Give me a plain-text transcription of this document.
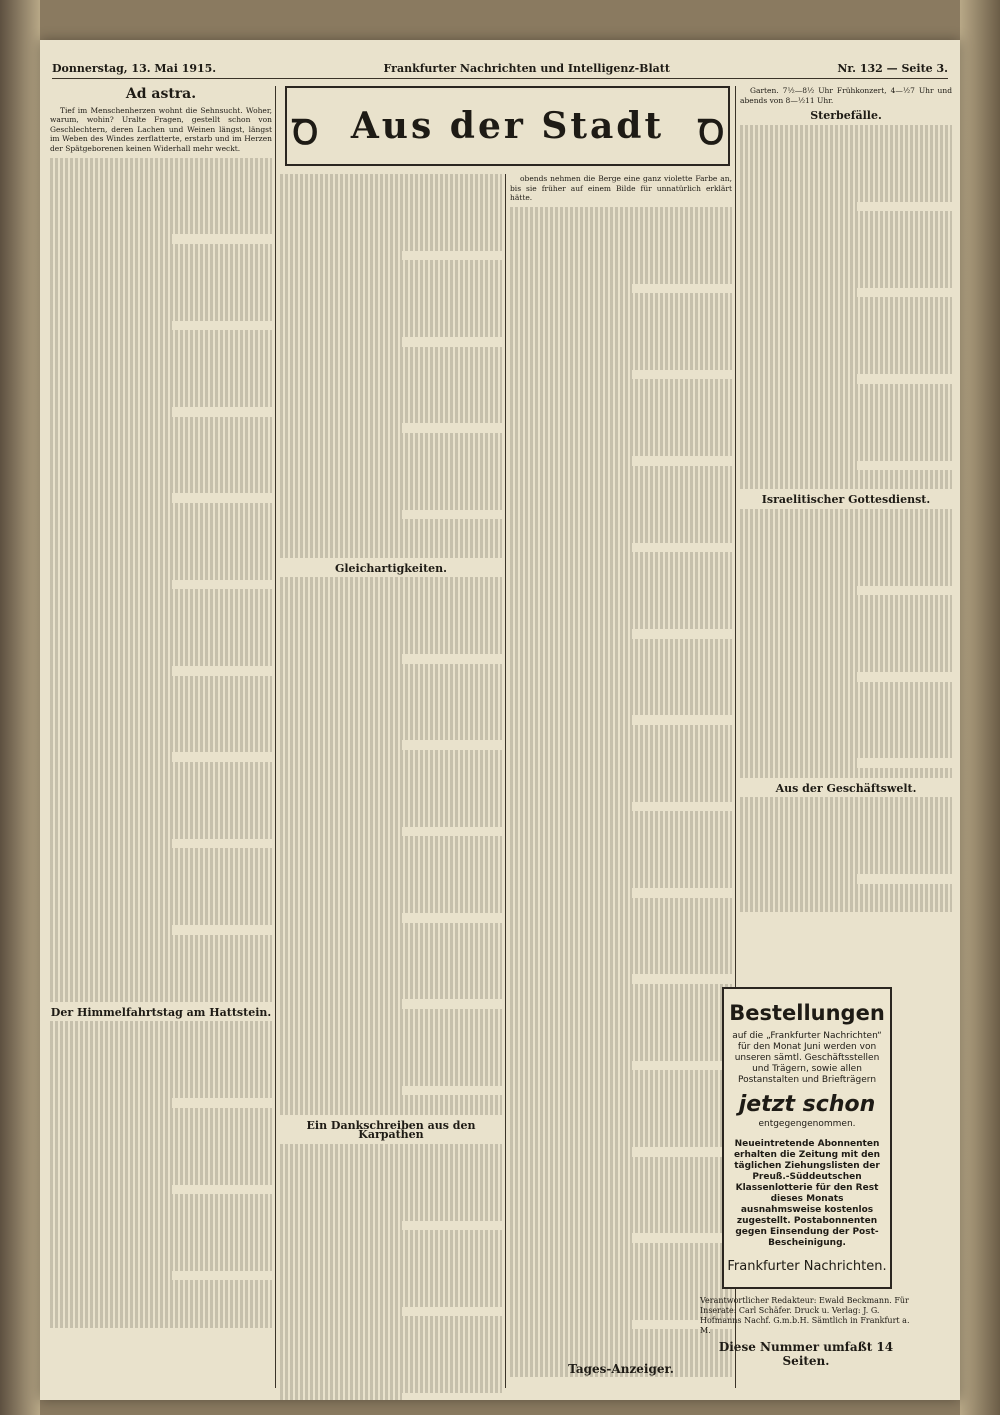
Donnerstag, 13. Mai 1915.	Frankfurter Nachrichten und Intelligenz-Blatt	Nr. 132 — Seite 3.
Ꝺ Aus der Stadt Ꝺ
Ad astra.

Tief im Menschenherzen wohnt die Sehnsucht. Woher, warum, wohin? Uralte Fragen, gestellt schon von Geschlechtern, deren Lachen und Weinen längst, längst im Weben des Windes zerflatterte, erstarb und im Herzen der Spätgeborenen keinen Widerhall mehr weckt.

Der Himmelfahrtstag am Hattstein.
Gleichartigkeiten.
Ein Dankschreiben aus den Karpathen

obends nehmen die Berge eine ganz violette Farbe an, bis sie früher auf einem Bilde für unnatürlich erklärt hätte.

Tages-Anzeiger.

Garten. 7½—8½ Uhr Frühkonzert, 4—½7 Uhr und abends von 8—½11 Uhr.

Sterbefälle.
Israelitischer Gottesdienst.
Aus der Geschäftswelt.
Bestellungen
auf die „Frankfurter Nachrichten“ für den Monat Juni werden von unseren sämtl. Geschäftsstellen und Trägern, sowie allen Postanstalten und Briefträgern
jetzt schon
entgegengenommen.
Neueintretende Abonnenten erhalten die Zeitung mit den täglichen Ziehungslisten der Preuß.-Süddeutschen Klassenlotterie für den Rest dieses Monats ausnahmsweise kostenlos zugestellt. Postabonnenten gegen Einsendung der Post-Bescheinigung.
Frankfurter Nachrichten.
Verantwortlicher Redakteur: Ewald Beckmann. Für Inserate: Carl Schäfer. Druck u. Verlag: J. G. Hofmanns Nachf. G.m.b.H. Sämtlich in Frankfurt a. M.
Diese Nummer umfaßt 14 Seiten.
